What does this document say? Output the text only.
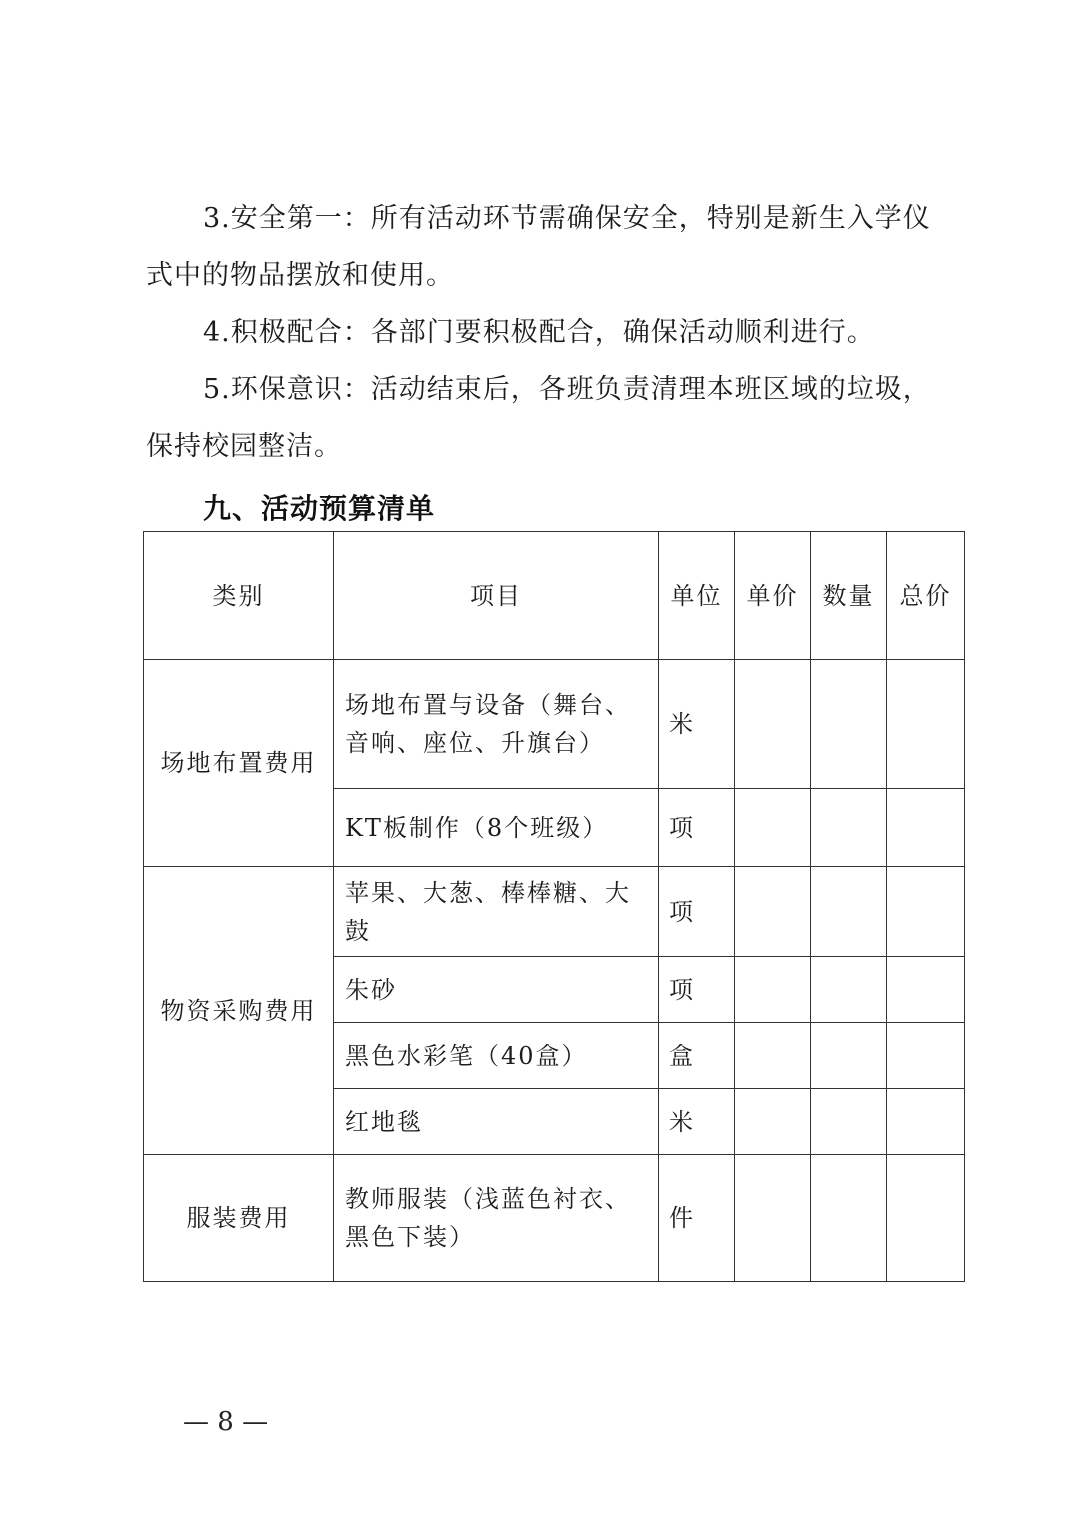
3.安全第一：所有活动环节需确保安全，特别是新生入学仪
式中的物品摆放和使用。
4.积极配合：各部门要积极配合，确保活动顺利进行。
5.环保意识：活动结束后，各班负责清理本班区域的垃圾，
保持校园整洁。
九、活动预算清单
类别	项目	单位	单价	数量	总价
场地布置费用	场地布置与设备（舞台、音响、座位、升旗台）	米			
	KT板制作（8个班级）	项			
物资采购费用	苹果、大葱、棒棒糖、大鼓	项			
	朱砂	项			
	黑色水彩笔（40盒）	盒			
	红地毯	米			
服装费用	教师服装（浅蓝色衬衣、黑色下装）	件			
— 8 —
